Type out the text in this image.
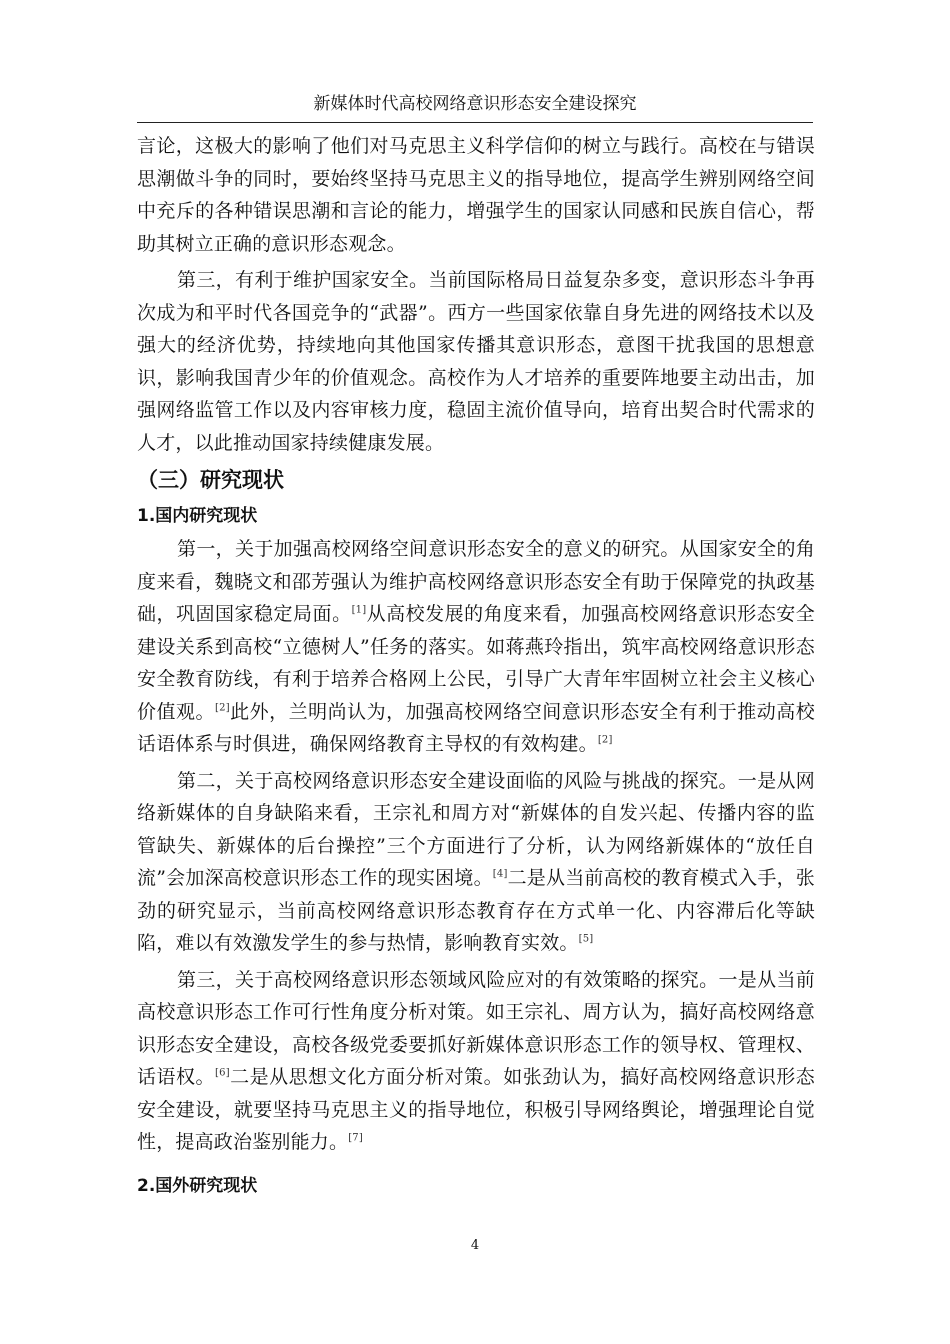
新媒体时代高校网络意识形态安全建设探究

言论，这极大的影响了他们对马克思主义科学信仰的树立与践行。高校在与错误思潮做斗争的同时，要始终坚持马克思主义的指导地位，提高学生辨别网络空间中充斥的各种错误思潮和言论的能力，增强学生的国家认同感和民族自信心，帮助其树立正确的意识形态观念。

第三，有利于维护国家安全。当前国际格局日益复杂多变，意识形态斗争再次成为和平时代各国竞争的“武器”。西方一些国家依靠自身先进的网络技术以及强大的经济优势，持续地向其他国家传播其意识形态，意图干扰我国的思想意识，影响我国青少年的价值观念。高校作为人才培养的重要阵地要主动出击，加强网络监管工作以及内容审核力度，稳固主流价值导向，培育出契合时代需求的人才，以此推动国家持续健康发展。

（三）研究现状
1.国内研究现状

第一，关于加强高校网络空间意识形态安全的意义的研究。从国家安全的角度来看，魏晓文和邵芳强认为维护高校网络意识形态安全有助于保障党的执政基础，巩固国家稳定局面。[1]从高校发展的角度来看，加强高校网络意识形态安全建设关系到高校“立德树人”任务的落实。如蒋燕玲指出，筑牢高校网络意识形态安全教育防线，有利于培养合格网上公民，引导广大青年牢固树立社会主义核心价值观。[2]此外，兰明尚认为，加强高校网络空间意识形态安全有利于推动高校话语体系与时俱进，确保网络教育主导权的有效构建。[2]

第二，关于高校网络意识形态安全建设面临的风险与挑战的探究。一是从网络新媒体的自身缺陷来看，王宗礼和周方对“新媒体的自发兴起、传播内容的监管缺失、新媒体的后台操控”三个方面进行了分析，认为网络新媒体的“放任自流”会加深高校意识形态工作的现实困境。[4]二是从当前高校的教育模式入手，张劲的研究显示，当前高校网络意识形态教育存在方式单一化、内容滞后化等缺陷，难以有效激发学生的参与热情，影响教育实效。[5]

第三，关于高校网络意识形态领域风险应对的有效策略的探究。一是从当前高校意识形态工作可行性角度分析对策。如王宗礼、周方认为，搞好高校网络意识形态安全建设，高校各级党委要抓好新媒体意识形态工作的领导权、管理权、话语权。[6]二是从思想文化方面分析对策。如张劲认为，搞好高校网络意识形态安全建设，就要坚持马克思主义的指导地位，积极引导网络舆论，增强理论自觉性，提高政治鉴别能力。[7]

2.国外研究现状
4
